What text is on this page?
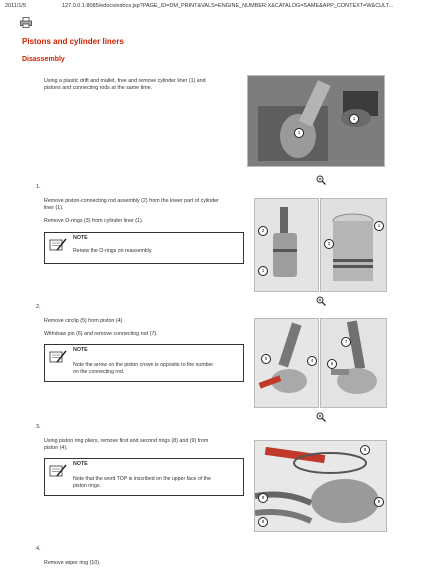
2011/1/5	127.0.0.1:8085/edocs/edocs.jsp?PAGE_ID=DM_PRINT&VALS=ENGINE_NUMBER:X&CATALOG=SAME&APP_CONTEXT=W&CULT...
Pistons and cylinder liners
Disassembly
Using a plastic drift and mallet, free and remove cylinder liner (1) and
pistons and connecting rods at the same time.
1
1
1.
Remove piston-connecting rod assembly (2) from the lower part of cylinder
liner (1).
Remove O-rings (3) from cylinder liner (1).
NOTE
Renew the O-rings on reassembly.
2
1
1
3
2.
Remove circlip (5) from piston (4).
Withdraw pin (6) and remove connecting rod (7).
NOTE
Note the arrow on the piston crown is opposite to the number
on the connecting rod.
5	4
7
6
3.
Using piston ring pliers, remove first and second rings (8) and (9) from
piston (4).
NOTE
Note that the word TOP is inscribed on the upper face of the
piston rings.
8
8
9
9
4.
Remove wiper ring (10).
